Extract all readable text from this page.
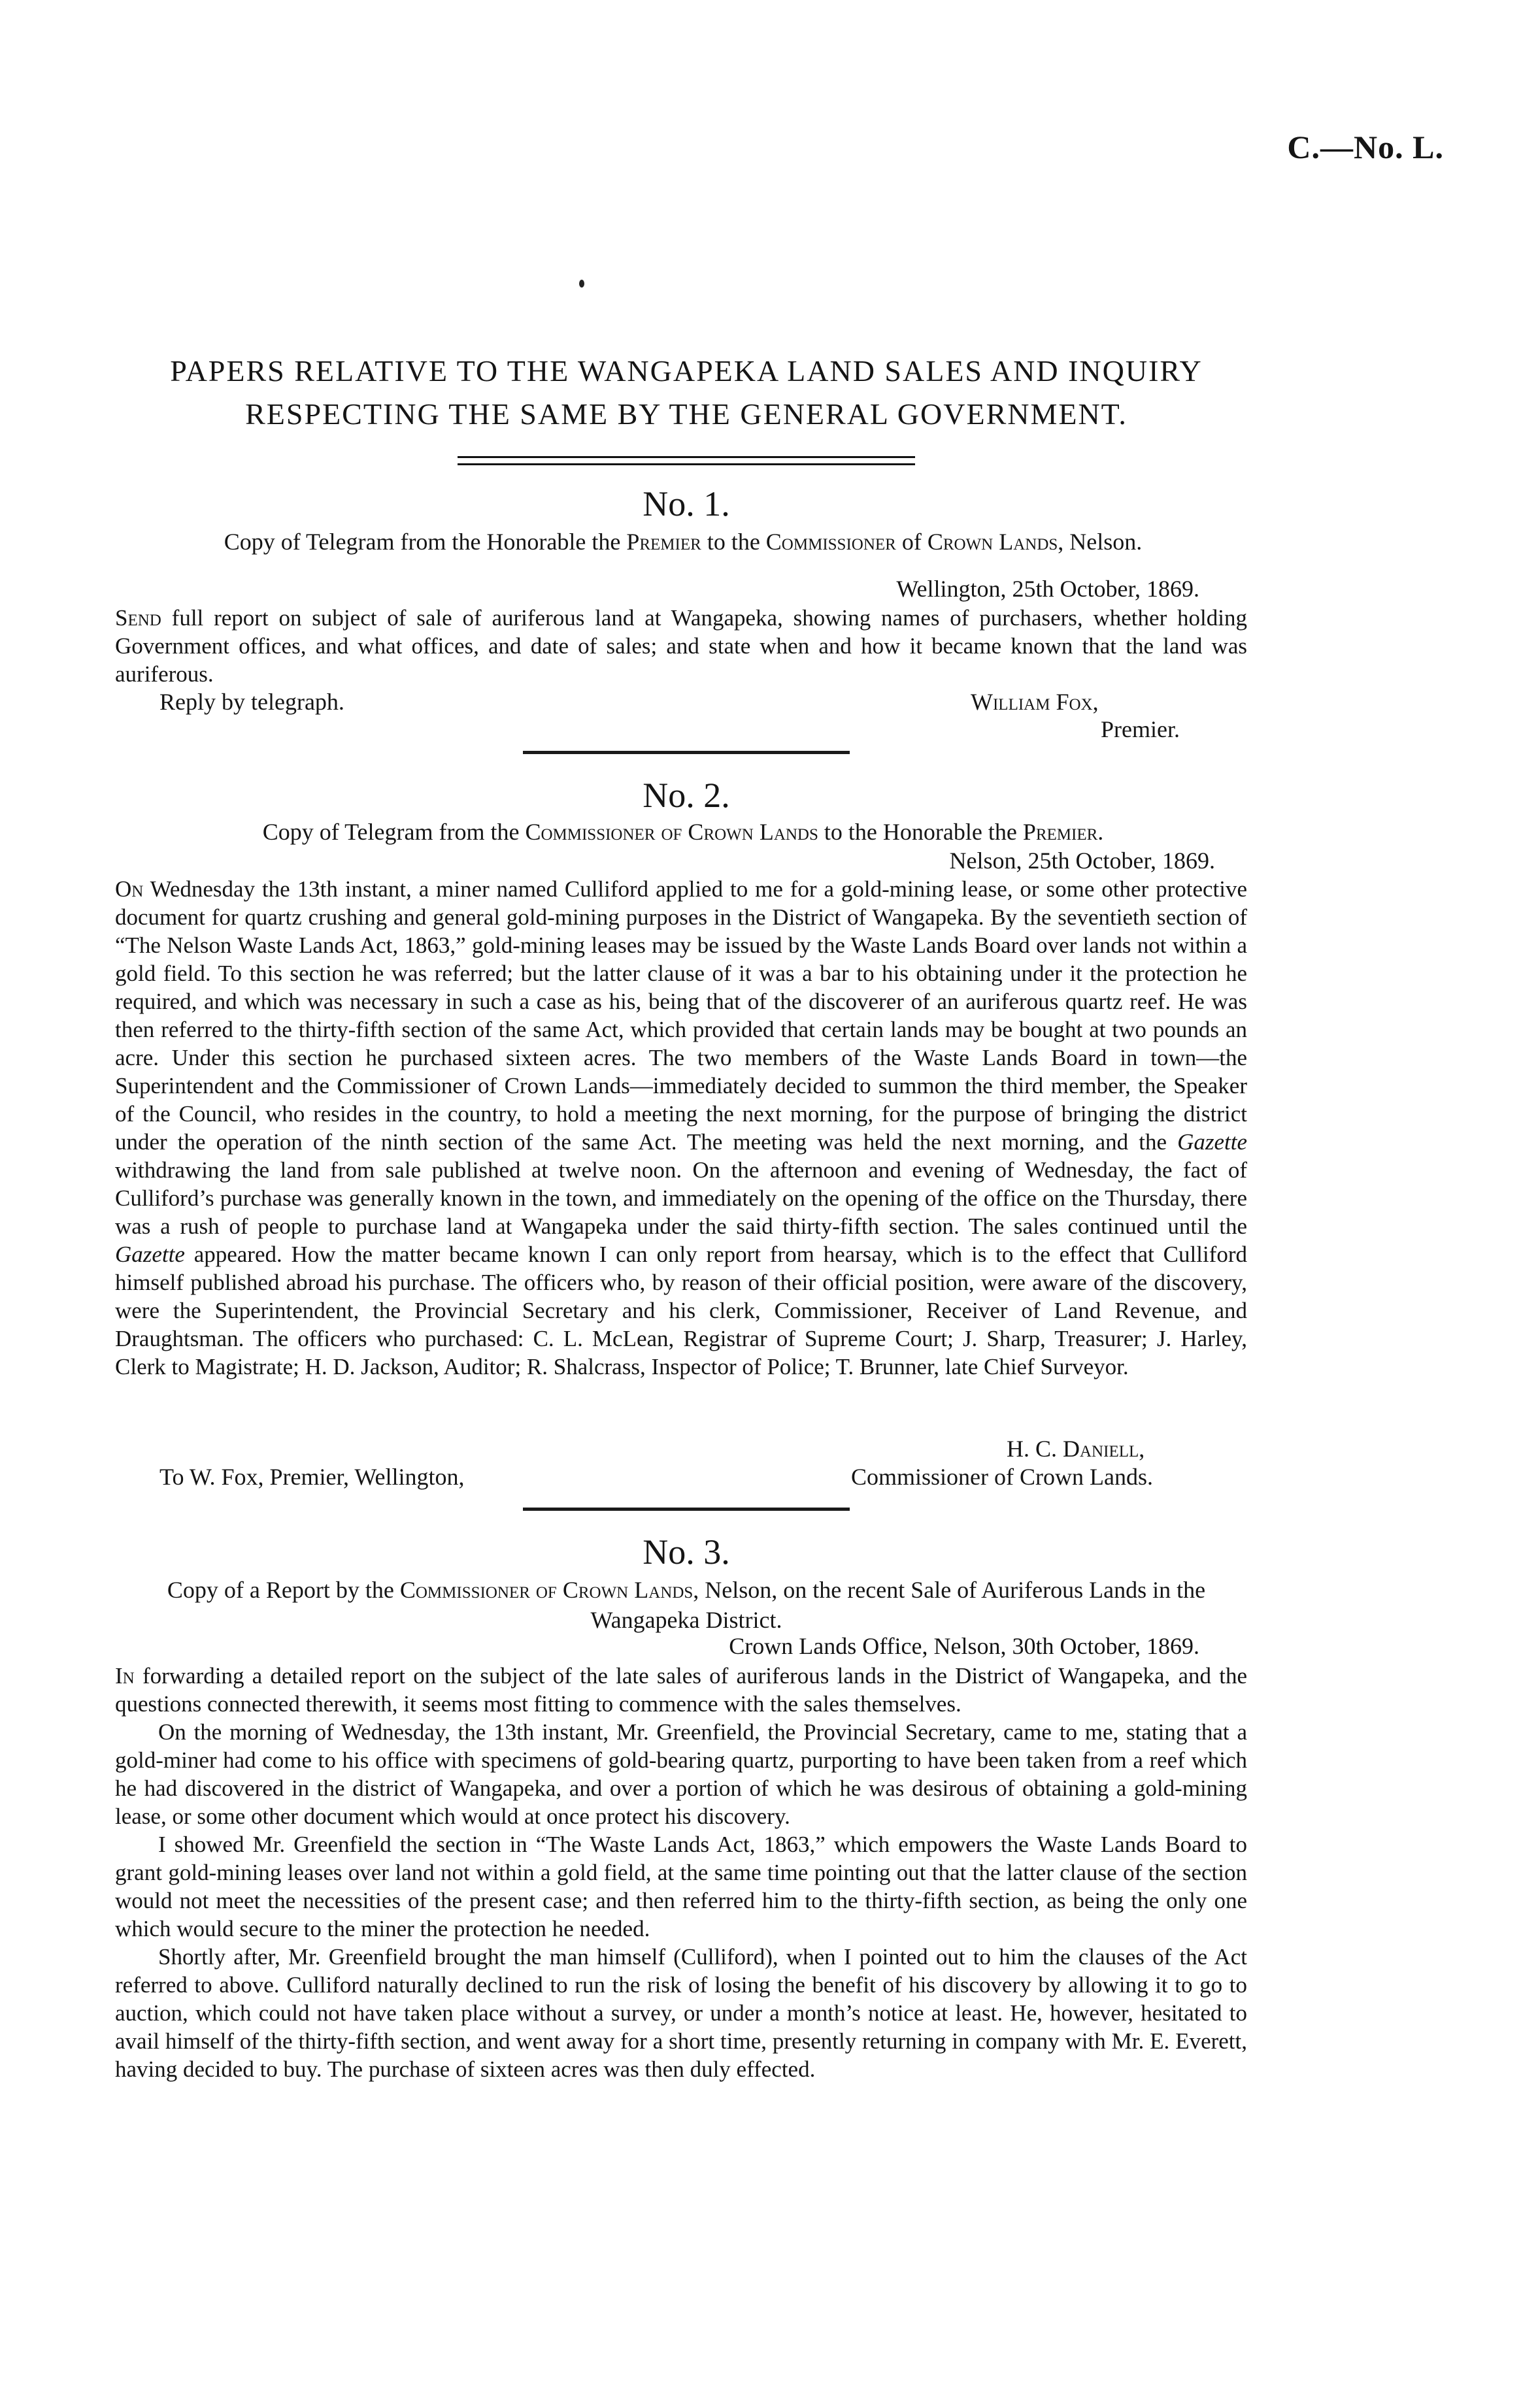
C.—No. L.
PAPERS RELATIVE TO THE WANGAPEKA LAND SALES AND INQUIRY RESPECTING THE SAME BY THE GENERAL GOVERNMENT.
No. 1.
Copy of Telegram from the Honorable the Premier to the Commissioner of Crown Lands, Nelson.
Wellington, 25th October, 1869.

Send full report on subject of sale of auriferous land at Wangapeka, showing names of purchasers, whether holding Government offices, and what offices, and date of sales; and state when and how it became known that the land was auriferous.

Reply by telegraph.	William Fox,
Premier.
No. 2.
Copy of Telegram from the Commissioner of Crown Lands to the Honorable the Premier.
Nelson, 25th October, 1869.

On Wednesday the 13th instant, a miner named Culliford applied to me for a gold-mining lease, or some other protective document for quartz crushing and general gold-mining purposes in the District of Wangapeka. By the seventieth section of “The Nelson Waste Lands Act, 1863,” gold-mining leases may be issued by the Waste Lands Board over lands not within a gold field. To this section he was referred; but the latter clause of it was a bar to his obtaining under it the protection he required, and which was necessary in such a case as his, being that of the discoverer of an auriferous quartz reef. He was then referred to the thirty-fifth section of the same Act, which provided that certain lands may be bought at two pounds an acre. Under this section he purchased sixteen acres. The two members of the Waste Lands Board in town—the Superintendent and the Commissioner of Crown Lands—immediately decided to summon the third member, the Speaker of the Council, who resides in the country, to hold a meeting the next morning, for the purpose of bringing the district under the operation of the ninth section of the same Act. The meeting was held the next morning, and the Gazette withdrawing the land from sale published at twelve noon. On the afternoon and evening of Wednesday, the fact of Culliford’s purchase was generally known in the town, and immediately on the opening of the office on the Thursday, there was a rush of people to purchase land at Wangapeka under the said thirty-fifth section. The sales continued until the Gazette appeared. How the matter became known I can only report from hearsay, which is to the effect that Culliford himself published abroad his purchase. The officers who, by reason of their official position, were aware of the discovery, were the Superintendent, the Provincial Secretary and his clerk, Commissioner, Receiver of Land Revenue, and Draughtsman. The officers who purchased: C. L. McLean, Registrar of Supreme Court; J. Sharp, Treasurer; J. Harley, Clerk to Magistrate; H. D. Jackson, Auditor; R. Shalcrass, Inspector of Police; T. Brunner, late Chief Surveyor.

H. C. Daniell,
To W. Fox, Premier, Wellington,	Commissioner of Crown Lands.
No. 3.
Copy of a Report by the Commissioner of Crown Lands, Nelson, on the recent Sale of Auriferous Lands in the Wangapeka District.
Crown Lands Office, Nelson, 30th October, 1869.

In forwarding a detailed report on the subject of the late sales of auriferous lands in the District of Wangapeka, and the questions connected therewith, it seems most fitting to commence with the sales themselves.

On the morning of Wednesday, the 13th instant, Mr. Greenfield, the Provincial Secretary, came to me, stating that a gold-miner had come to his office with specimens of gold-bearing quartz, purporting to have been taken from a reef which he had discovered in the district of Wangapeka, and over a portion of which he was desirous of obtaining a gold-mining lease, or some other document which would at once protect his discovery.

I showed Mr. Greenfield the section in “The Waste Lands Act, 1863,” which empowers the Waste Lands Board to grant gold-mining leases over land not within a gold field, at the same time pointing out that the latter clause of the section would not meet the necessities of the present case; and then referred him to the thirty-fifth section, as being the only one which would secure to the miner the protection he needed.

Shortly after, Mr. Greenfield brought the man himself (Culliford), when I pointed out to him the clauses of the Act referred to above. Culliford naturally declined to run the risk of losing the benefit of his discovery by allowing it to go to auction, which could not have taken place without a survey, or under a month’s notice at least. He, however, hesitated to avail himself of the thirty-fifth section, and went away for a short time, presently returning in company with Mr. E. Everett, having decided to buy. The purchase of sixteen acres was then duly effected.
